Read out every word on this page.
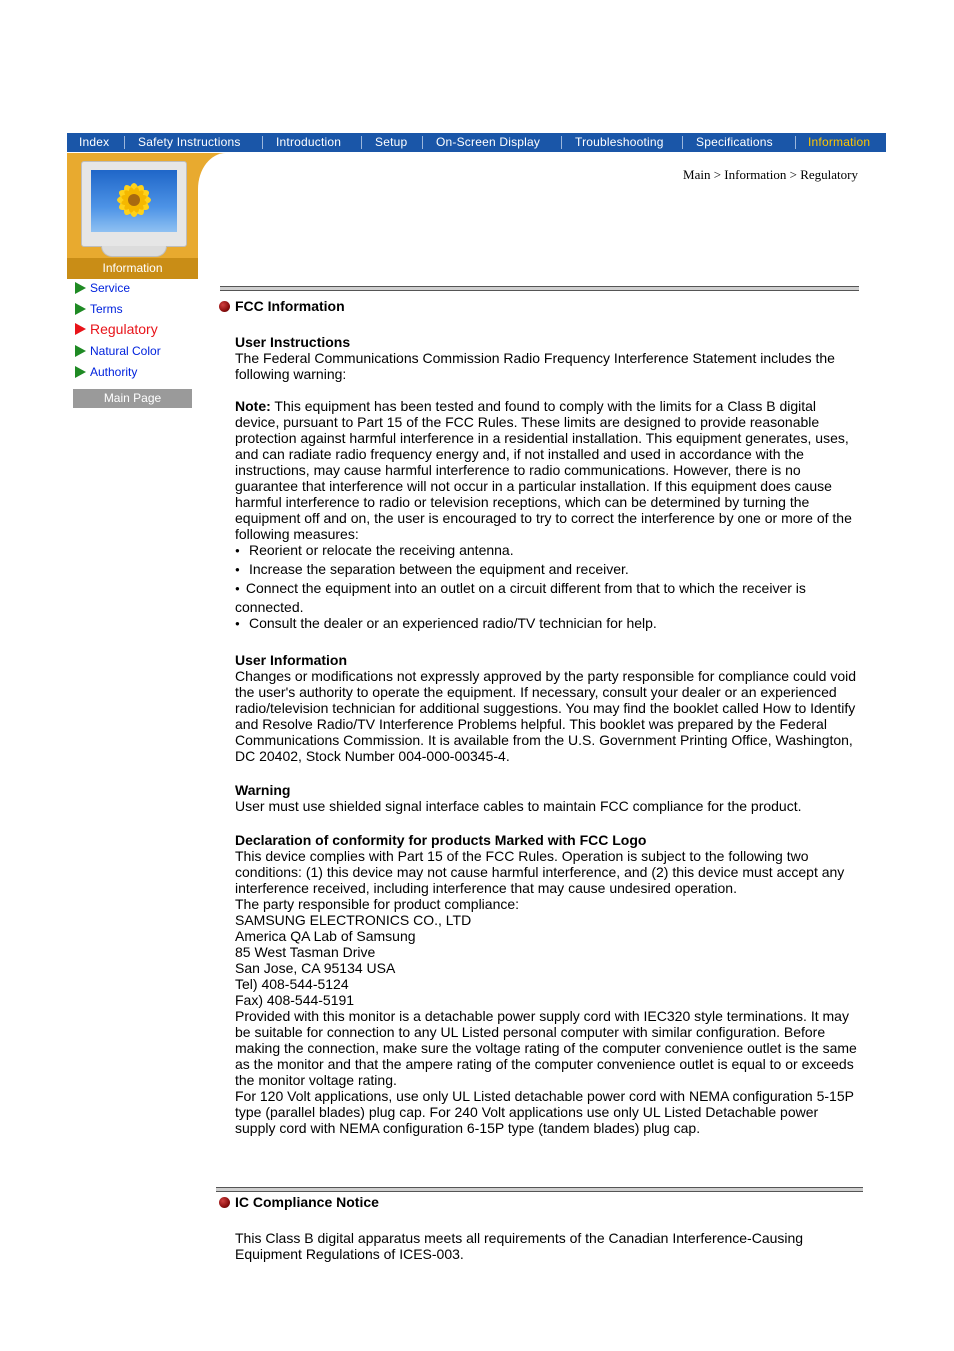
Index Safety Instructions	Introduction	Setup On-Screen Display	Troubleshooting	Specifications	Information
Information
Service
Terms
Regulatory
Natural Color
Authority
Main Page
Main > Information > Regulatory
FCC Information

User Instructions

The Federal Communications Commission Radio Frequency Interference Statement includes the following warning:

Note: This equipment has been tested and found to comply with the limits for a Class B digital device, pursuant to Part 15 of the FCC Rules. These limits are designed to provide reasonable protection against harmful interference in a residential installation. This equipment generates, uses, and can radiate radio frequency energy and, if not installed and used in accordance with the instructions, may cause harmful interference to radio communications. However, there is no guarantee that interference will not occur in a particular installation. If this equipment does cause harmful interference to radio or television receptions, which can be determined by turning the equipment off and on, the user is encouraged to try to correct the interference by one or more of the following measures:

●
Reorient or relocate the receiving antenna.
●
Increase the separation between the equipment and receiver.
● Connect the equipment into an outlet on a circuit different from that to which the receiver is connected.
●
Consult the dealer or an experienced radio/TV technician for help.

User Information

Changes or modifications not expressly approved by the party responsible for compliance could void the user's authority to operate the equipment. If necessary, consult your dealer or an experienced radio/television technician for additional suggestions. You may find the booklet called How to Identify and Resolve Radio/TV Interference Problems helpful. This booklet was prepared by the Federal Communications Commission. It is available from the U.S. Government Printing Office, Washington, DC 20402, Stock Number 004-000-00345-4.

Warning

User must use shielded signal interface cables to maintain FCC compliance for the product.

Declaration of conformity for products Marked with FCC Logo

This device complies with Part 15 of the FCC Rules. Operation is subject to the following two conditions: (1) this device may not cause harmful interference, and (2) this device must accept any interference received, including interference that may cause undesired operation.

The party responsible for product compliance:

SAMSUNG ELECTRONICS CO., LTD

America QA Lab of Samsung

85 West Tasman Drive

San Jose, CA 95134 USA

Tel) 408-544-5124

Fax) 408-544-5191

Provided with this monitor is a detachable power supply cord with IEC320 style terminations. It may be suitable for connection to any UL Listed personal computer with similar configuration. Before making the connection, make sure the voltage rating of the computer convenience outlet is the same as the monitor and that the ampere rating of the computer convenience outlet is equal to or exceeds the monitor voltage rating.

For 120 Volt applications, use only UL Listed detachable power cord with NEMA configuration 5-15P type (parallel blades) plug cap. For 240 Volt applications use only UL Listed Detachable power supply cord with NEMA configuration 6-15P type (tandem blades) plug cap.

IC Compliance Notice

This Class B digital apparatus meets all requirements of the Canadian Interference-Causing Equipment Regulations of ICES-003.
